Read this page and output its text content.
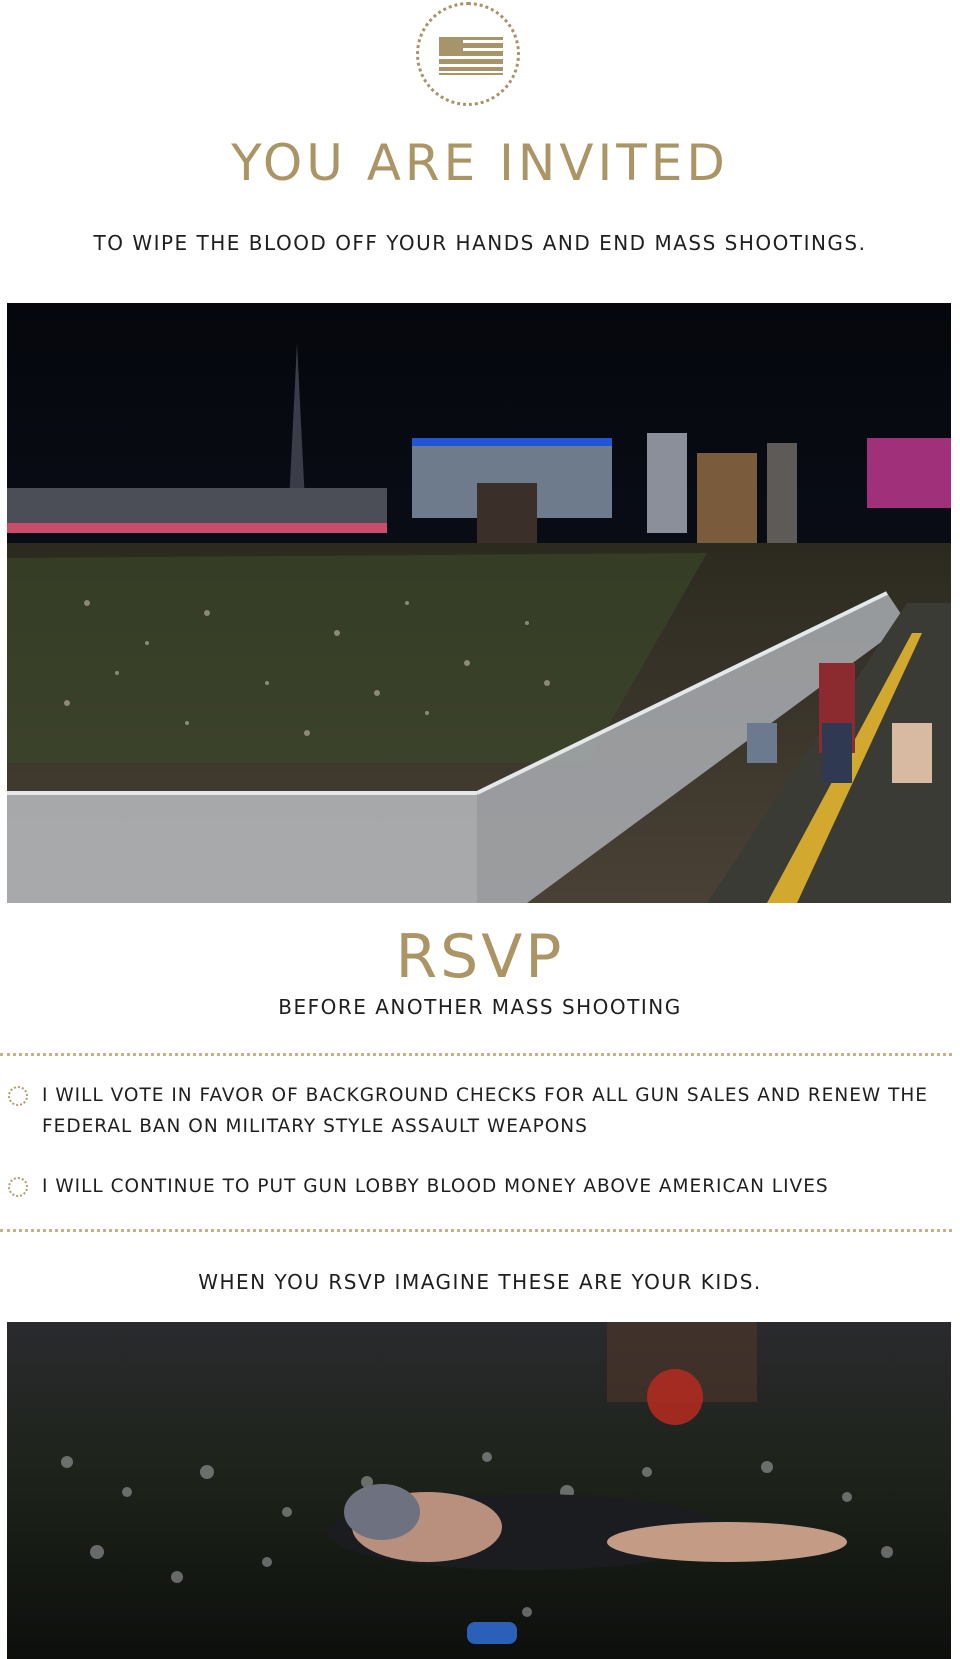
YOU ARE INVITED
TO WIPE THE BLOOD OFF YOUR HANDS AND END MASS SHOOTINGS.
RSVP
BEFORE ANOTHER MASS SHOOTING
I WILL VOTE IN FAVOR OF BACKGROUND CHECKS FOR ALL GUN SALES AND RENEW THE FEDERAL BAN ON MILITARY STYLE ASSAULT WEAPONS
I WILL CONTINUE TO PUT GUN LOBBY BLOOD MONEY ABOVE AMERICAN LIVES
WHEN YOU RSVP IMAGINE THESE ARE YOUR KIDS.
